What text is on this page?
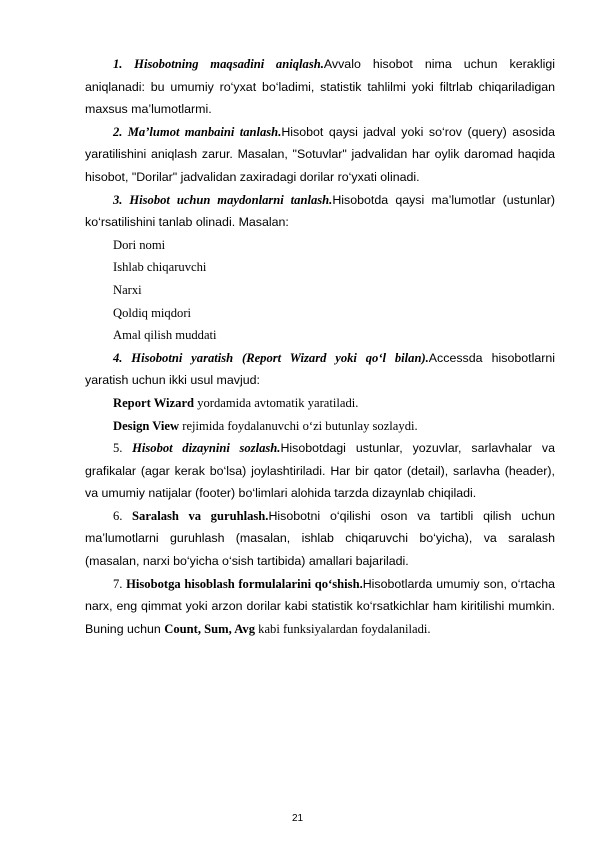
1. Hisobotning maqsadini aniqlash.Avvalo hisobot nima uchun kerakligi aniqlanadi: bu umumiy ro‘yxat bo‘ladimi, statistik tahlilmi yoki filtrlab chiqariladigan maxsus ma’lumotlarmi.

2. Ma’lumot manbaini tanlash.Hisobot qaysi jadval yoki so‘rov (query) asosida yaratilishini aniqlash zarur. Masalan, "Sotuvlar" jadvalidan har oylik daromad haqida hisobot, "Dorilar" jadvalidan zaxiradagi dorilar ro‘yxati olinadi.

3. Hisobot uchun maydonlarni tanlash.Hisobotda qaysi ma’lumotlar (ustunlar) ko‘rsatilishini tanlab olinadi. Masalan:

Dori nomi

Ishlab chiqaruvchi

Narxi

Qoldiq miqdori

Amal qilish muddati

4. Hisobotni yaratish (Report Wizard yoki qo‘l bilan).Accessda hisobotlarni yaratish uchun ikki usul mavjud:

Report Wizard yordamida avtomatik yaratiladi.

Design View rejimida foydalanuvchi o‘zi butunlay sozlaydi.

5. Hisobot dizaynini sozlash.Hisobotdagi ustunlar, yozuvlar, sarlavhalar va grafikalar (agar kerak bo‘lsa) joylashtiriladi. Har bir qator (detail), sarlavha (header), va umumiy natijalar (footer) bo‘limlari alohida tarzda dizaynlab chiqiladi.

6. Saralash va guruhlash.Hisobotni o‘qilishi oson va tartibli qilish uchun ma’lumotlarni guruhlash (masalan, ishlab chiqaruvchi bo‘yicha), va saralash (masalan, narxi bo‘yicha o‘sish tartibida) amallari bajariladi.

7. Hisobotga hisoblash formulalarini qo‘shish.Hisobotlarda umumiy son, o‘rtacha narx, eng qimmat yoki arzon dorilar kabi statistik ko‘rsatkichlar ham kiritilishi mumkin. Buning uchun Count, Sum, Avg kabi funksiyalardan foydalaniladi.

21
